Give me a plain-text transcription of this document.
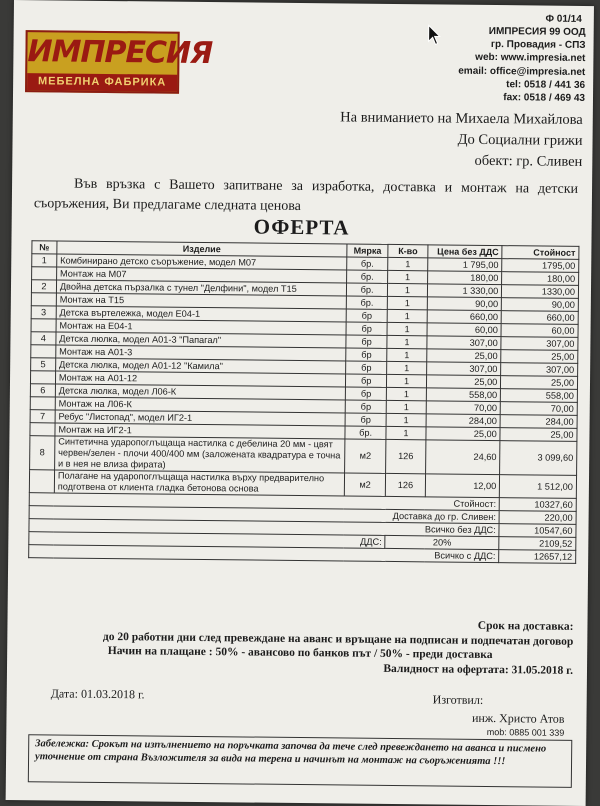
Ф 01/14
ИМПРЕСИЯ
МЕБЕЛНА ФАБРИКА
ИМПРЕСИЯ 99 ООД
гр. Провадия - СПЗ
web: www.impresia.net
email: office@impresia.net
tel: 0518 / 441 36
fax: 0518 / 469 43
На вниманието на Михаела Михайлова
До Социални грижи
обект: гр. Сливен
Във връзка с Вашето запитване за изработка, доставка и монтаж на детски съоръжения, Ви предлагаме следната ценова
ОФЕРТА
№	Изделие	Мярка	К-во	Цена без ДДС	Стойност
1	Комбинирано детско съоръжение, модел М07	бр.	1	1 795,00	1795,00
	Монтаж на М07	бр.	1	180,00	180,00
2	Двойна детска пързалка с тунел "Делфини", модел Т15	бр.	1	1 330,00	1330,00
	Монтаж на Т15	бр.	1	90,00	90,00
3	Детска въртележка, модел Е04-1	бр	1	660,00	660,00
	Монтаж на Е04-1	бр	1	60,00	60,00
4	Детска люлка, модел А01-3 "Папагал"	бр	1	307,00	307,00
	Монтаж на А01-3	бр	1	25,00	25,00
5	Детска люлка, модел А01-12 "Камила"	бр	1	307,00	307,00
	Монтаж на А01-12	бр	1	25,00	25,00
6	Детска люлка, модел Л06-К	бр	1	558,00	558,00
	Монтаж на Л06-К	бр	1	70,00	70,00
7	Ребус "Листопад", модел ИГ2-1	бр	1	284,00	284,00
	Монтаж на ИГ2-1	бр.	1	25,00	25,00
8	Синтетична ударопоглъщаща настилка с дебелина 20 мм - цвят червен/зелен - плочи 400/400 мм (заложената квадратура е точна и в нея не влиза фирата)	м2	126	24,60	3 099,60
	Полагане на ударопоглъщаща настилка върху предварително подготвена от клиента гладка бетонова основа	м2	126	12,00	1 512,00
Стойност:					10327,60
Доставка до гр. Сливен:					220,00
Всичко без ДДС:					10547,60
ДДС:			20%		2109,52
Всичко с ДДС:					12657,12
Срок на доставка:
до 20 работни дни след превеждане на аванс и връщане на подписан и подпечатан договор
Начин на плащане : 50% - авансово по банков път / 50% - преди доставка
Валидност на офертата: 31.05.2018 г.
Дата: 01.03.2018 г.	Изготвил:
инж. Христо Атов
mob: 0885 001 339
Забележка: Срокът на изпълнението на поръчката започва да тече след превеждането на аванса и писмено уточнение от страна Възложителя за вида на терена и начинът на монтаж на съоръженията !!!
